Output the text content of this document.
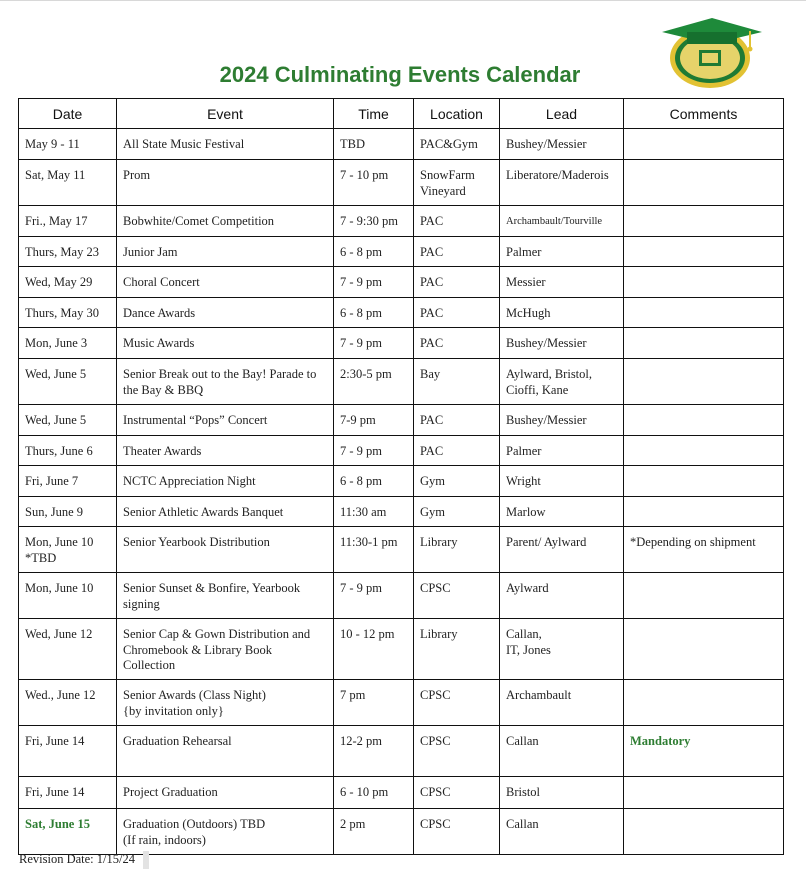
2024 Culminating Events Calendar
Date	Event	Time	Location	Lead	Comments
May 9 - 11	All State Music Festival	TBD	PAC&Gym	Bushey/Messier	
Sat, May 11	Prom	7 - 10 pm	SnowFarm Vineyard	Liberatore/Maderois	
Fri., May 17	Bobwhite/Comet Competition	7 - 9:30 pm	PAC	Archambault/Tourville	
Thurs, May 23	Junior Jam	6 - 8 pm	PAC	Palmer	
Wed, May 29	Choral Concert	7 - 9 pm	PAC	Messier	
Thurs, May 30	Dance Awards	6 - 8 pm	PAC	McHugh	
Mon, June 3	Music Awards	7 - 9 pm	PAC	Bushey/Messier	
Wed, June 5	Senior Break out to the Bay! Parade to the Bay & BBQ	2:30-5 pm	Bay	Aylward, Bristol, Cioffi, Kane	
Wed, June 5	Instrumental “Pops” Concert	7-9 pm	PAC	Bushey/Messier	
Thurs, June 6	Theater Awards	7 - 9 pm	PAC	Palmer	
Fri, June 7	NCTC Appreciation Night	6 - 8 pm	Gym	Wright	
Sun, June 9	Senior Athletic Awards Banquet	11:30 am	Gym	Marlow	
Mon, June 10 *TBD	Senior Yearbook Distribution	11:30-1 pm	Library	Parent/ Aylward	*Depending on shipment
Mon, June 10	Senior Sunset & Bonfire, Yearbook signing	7 - 9 pm	CPSC	Aylward	
Wed, June 12	Senior Cap & Gown Distribution and Chromebook & Library Book Collection	10 - 12 pm	Library	Callan,
IT, Jones	
Wed., June 12	Senior Awards (Class Night)
{by invitation only}	7 pm	CPSC	Archambault	
Fri, June 14	Graduation Rehearsal	12-2 pm	CPSC	Callan	Mandatory
Fri, June 14	Project Graduation	6 - 10 pm	CPSC	Bristol	
Sat, June 15	Graduation (Outdoors) TBD
(If rain, indoors)	2 pm	CPSC	Callan	
Revision Date: 1/15/24
